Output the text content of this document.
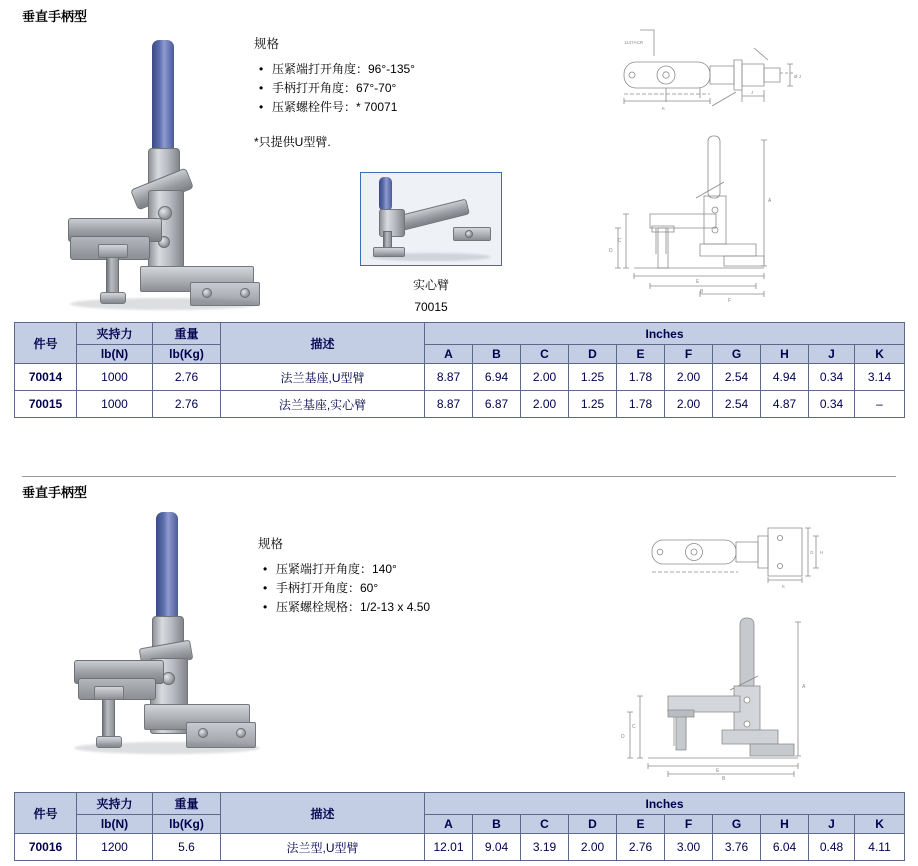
垂直手柄型
规格
• 压紧端打开角度：96°-135°
• 手柄打开角度：67°-70°
• 压紧螺栓件号：* 70071
*只提供U型臂.
实心臂
70015
1147ACR
K
J
Ø J
A
C
D
E
B
F
件号	夹持力	重量	描述	Inches									
	lb(N)	lb(Kg)		A	B	C	D	E	F	G	H	J	K
70014	1000	2.76	法兰基座,U型臂	8.87	6.94	2.00	1.25	1.78	2.00	2.54	4.94	0.34	3.14
70015	1000	2.76	法兰基座,实心臂	8.87	6.87	2.00	1.25	1.78	2.00	2.54	4.87	0.34	–
垂直手柄型
规格
• 压紧端打开角度：140°
• 手柄打开角度：60°
• 压紧螺栓规格：1/2-13 x 4.50
G H
K
A
C
D
E
B
件号	夹持力	重量	描述	Inches									
	lb(N)	lb(Kg)		A	B	C	D	E	F	G	H	J	K
70016	1200	5.6	法兰型,U型臂	12.01	9.04	3.19	2.00	2.76	3.00	3.76	6.04	0.48	4.11
